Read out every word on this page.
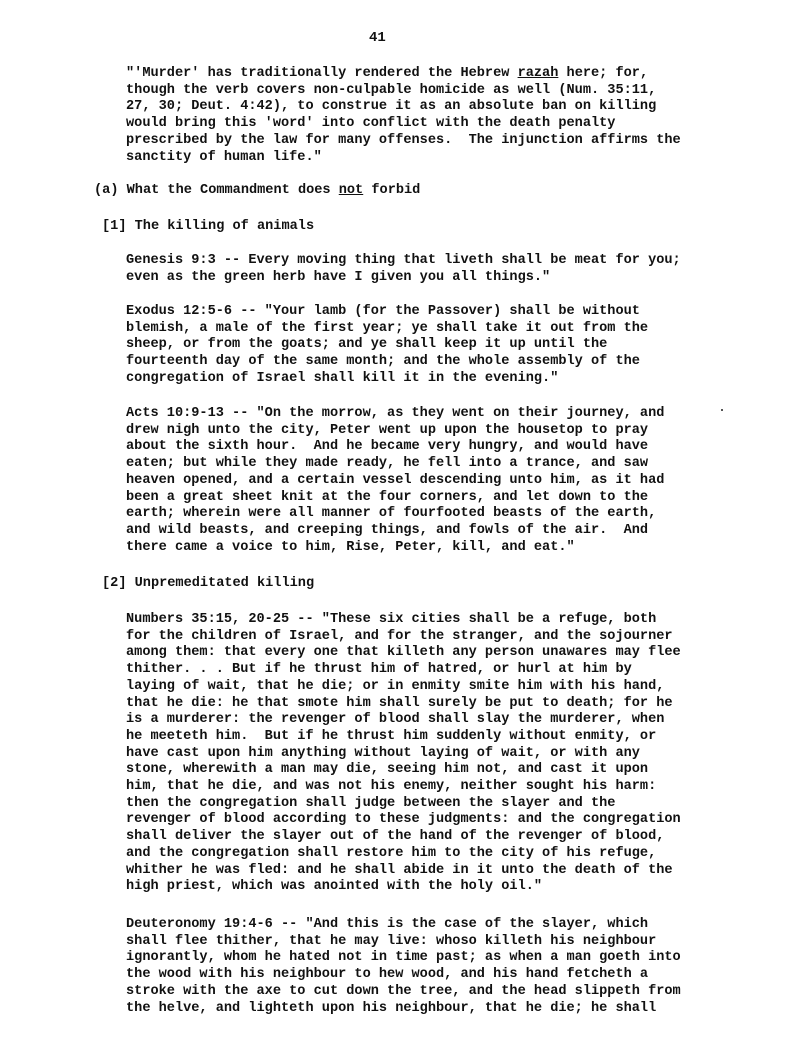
41
"'Murder' has traditionally rendered the Hebrew razah here; for,
though the verb covers non-culpable homicide as well (Num. 35:11,
27, 30; Deut. 4:42), to construe it as an absolute ban on killing
would bring this 'word' into conflict with the death penalty
prescribed by the law for many offenses.  The injunction affirms the
sanctity of human life."
(a) What the Commandment does not forbid
[1] The killing of animals
Genesis 9:3 -- Every moving thing that liveth shall be meat for you;
even as the green herb have I given you all things."
Exodus 12:5-6 -- "Your lamb (for the Passover) shall be without
blemish, a male of the first year; ye shall take it out from the
sheep, or from the goats; and ye shall keep it up until the
fourteenth day of the same month; and the whole assembly of the
congregation of Israel shall kill it in the evening."
Acts 10:9-13 -- "On the morrow, as they went on their journey, and
drew nigh unto the city, Peter went up upon the housetop to pray
about the sixth hour.  And he became very hungry, and would have
eaten; but while they made ready, he fell into a trance, and saw
heaven opened, and a certain vessel descending unto him, as it had
been a great sheet knit at the four corners, and let down to the
earth; wherein were all manner of fourfooted beasts of the earth,
and wild beasts, and creeping things, and fowls of the air.  And
there came a voice to him, Rise, Peter, kill, and eat."
[2] Unpremeditated killing
Numbers 35:15, 20-25 -- "These six cities shall be a refuge, both
for the children of Israel, and for the stranger, and the sojourner
among them: that every one that killeth any person unawares may flee
thither. . . But if he thrust him of hatred, or hurl at him by
laying of wait, that he die; or in enmity smite him with his hand,
that he die: he that smote him shall surely be put to death; for he
is a murderer: the revenger of blood shall slay the murderer, when
he meeteth him.  But if he thrust him suddenly without enmity, or
have cast upon him anything without laying of wait, or with any
stone, wherewith a man may die, seeing him not, and cast it upon
him, that he die, and was not his enemy, neither sought his harm:
then the congregation shall judge between the slayer and the
revenger of blood according to these judgments: and the congregation
shall deliver the slayer out of the hand of the revenger of blood,
and the congregation shall restore him to the city of his refuge,
whither he was fled: and he shall abide in it unto the death of the
high priest, which was anointed with the holy oil."
Deuteronomy 19:4-6 -- "And this is the case of the slayer, which
shall flee thither, that he may live: whoso killeth his neighbour
ignorantly, whom he hated not in time past; as when a man goeth into
the wood with his neighbour to hew wood, and his hand fetcheth a
stroke with the axe to cut down the tree, and the head slippeth from
the helve, and lighteth upon his neighbour, that he die; he shall
